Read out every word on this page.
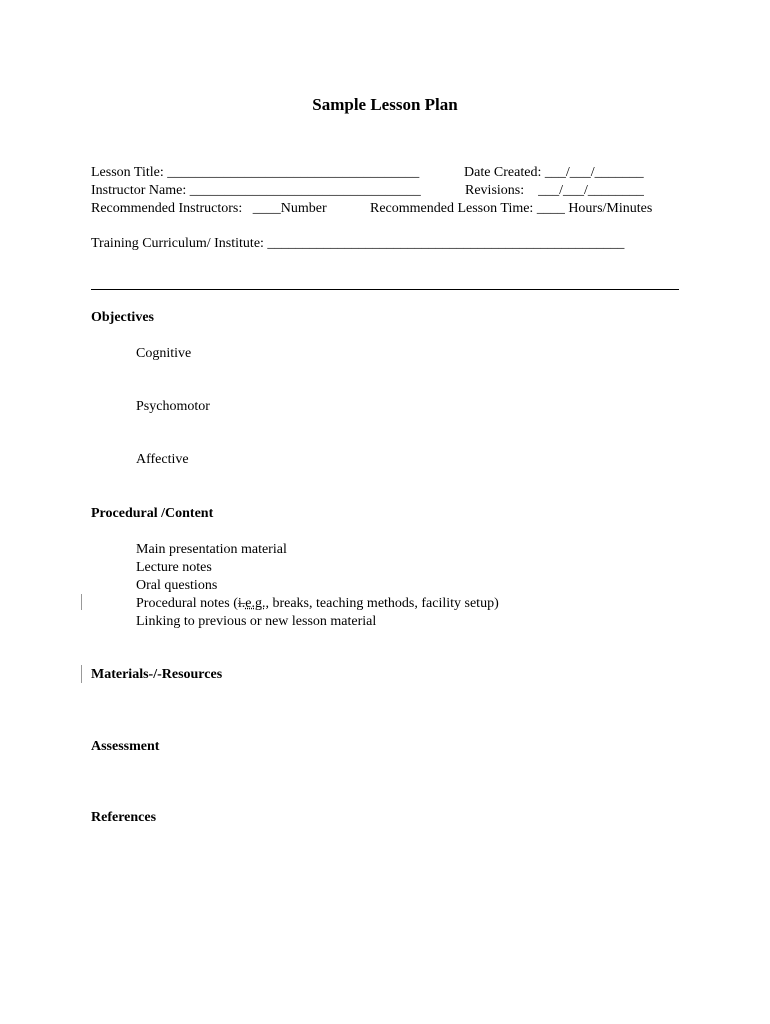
Sample Lesson Plan
Lesson Title: ____________________________________	Date Created: ___/___/_______
Instructor Name: _________________________________	Revisions:    ___/___/________
Recommended Instructors:   ____Number	Recommended Lesson Time: ____ Hours/Minutes
Training Curriculum/ Institute: ___________________________________________________
Objectives
Cognitive
Psychomotor
Affective
Procedural /Content
Main presentation material
Lecture notes
Oral questions
Procedural notes (i.e.g., breaks, teaching methods, facility setup)
Linking to previous or new lesson material
Materials-/-Resources
Assessment
References
